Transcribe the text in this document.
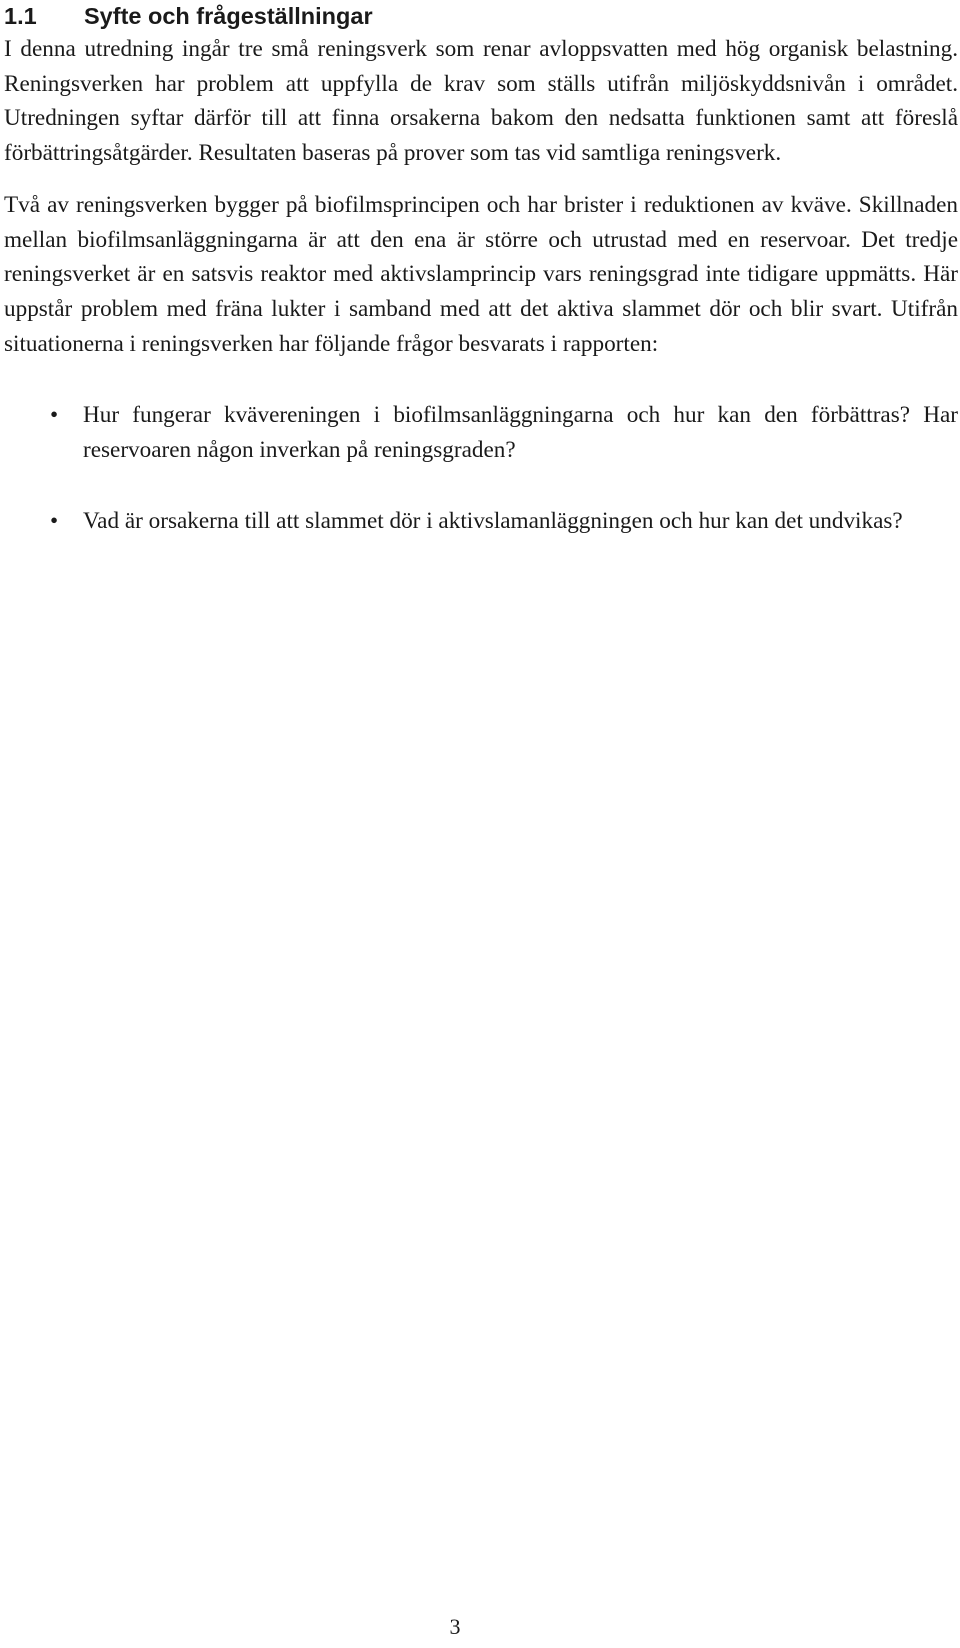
1.1 Syfte och frågeställningar

I denna utredning ingår tre små reningsverk som renar avloppsvatten med hög organisk belastning. Reningsverken har problem att uppfylla de krav som ställs utifrån miljöskyddsnivån i området. Utredningen syftar därför till att finna orsakerna bakom den nedsatta funktionen samt att föreslå förbättringsåtgärder. Resultaten baseras på prover som tas vid samtliga reningsverk.

Två av reningsverken bygger på biofilmsprincipen och har brister i reduktionen av kväve. Skillnaden mellan biofilmsanläggningarna är att den ena är större och utrustad med en reservoar. Det tredje reningsverket är en satsvis reaktor med aktivslamprincip vars reningsgrad inte tidigare uppmätts. Här uppstår problem med fräna lukter i samband med att det aktiva slammet dör och blir svart. Utifrån situationerna i reningsverken har följande frågor besvarats i rapporten:

• Hur fungerar kvävereningen i biofilmsanläggningarna och hur kan den förbättras? Har reservoaren någon inverkan på reningsgraden?
• Vad är orsakerna till att slammet dör i aktivslamanläggningen och hur kan det undvikas?
3
